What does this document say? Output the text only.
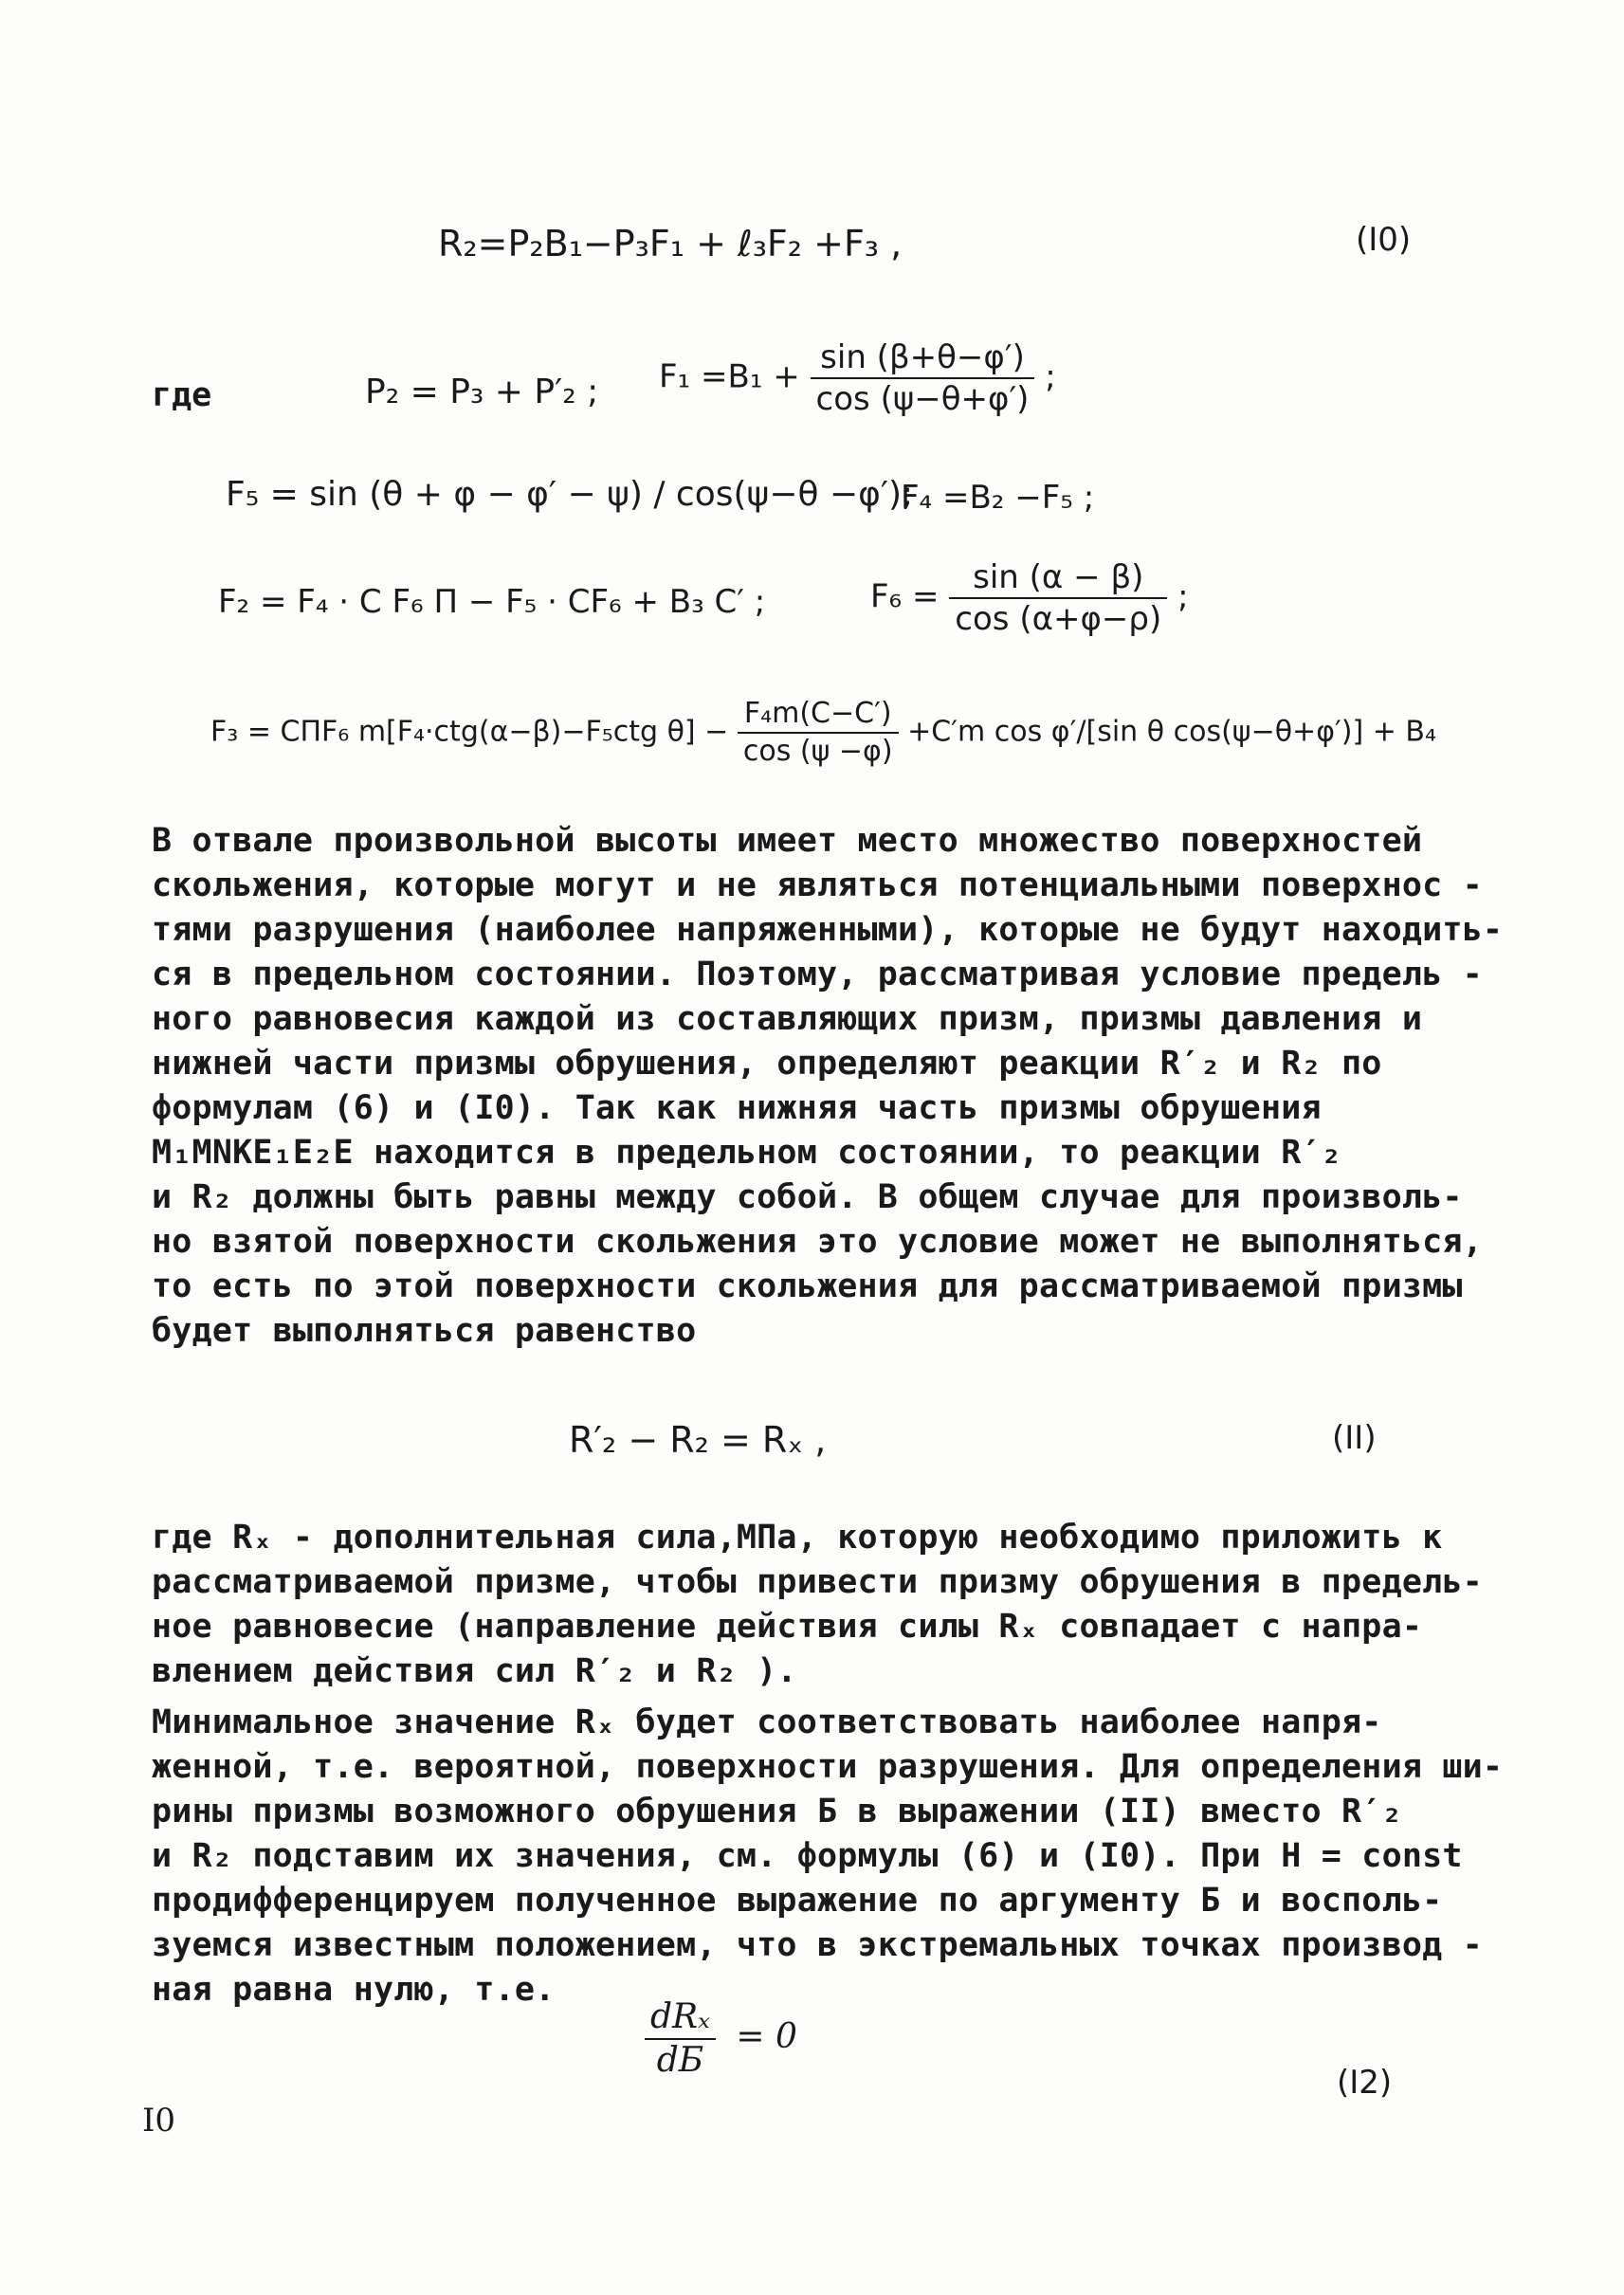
R₂=P₂B₁−P₃F₁ + ℓ₃F₂ +F₃ ,	(I0)
где	P₂ = P₃ + P′₂ ; $F_1 =B_1 + \frac{\sin (\beta+\theta-\varphi')}{\cos (\psi-\theta+\varphi')}$ ;
F₅ = sin (θ + φ − φ′ − ψ) / cos(ψ−θ −φ′);
F₄ =B₂ −F₅ ;
F₂ = F₄ · C F₆ П − F₅ · CF₆ + B₃ C′ ;	$F_6 = \frac{\sin (\alpha - \beta)}{\cos (\alpha+\varphi-\rho)}$ ;
F₃ = CПF₆ m[F₄·ctg(α−β)−F₅ctg $\theta] - \frac{\text{F₄m(C−C′)}}{\cos (\psi -\varphi)} +C'm$ cos φ′/[sin θ cos(ψ−θ+φ′)] + B₄
В отвале произвольной высоты имеет место множество поверхностей
скольжения, которые могут и не являться потенциальными поверхнос -
тями разрушения (наиболее напряженными), которые не будут находить-
ся в предельном состоянии. Поэтому, рассматривая условие предель -
ного равновесия каждой из составляющих призм, призмы давления и
нижней части призмы обрушения, определяют реакции R′₂ и R₂ по
формулам (6) и (I0). Так как нижняя часть призмы обрушения
M₁MNKE₁E₂E находится в предельном состоянии, то реакции R′₂
и R₂ должны быть равны между собой. В общем случае для произволь-
но взятой поверхности скольжения это условие может не выполняться,
то есть по этой поверхности скольжения для рассматриваемой призмы
будет выполняться равенство
R′₂ − R₂ = Rₓ ,	(II)
где Rₓ - дополнительная сила,МПа, которую необходимо приложить к
рассматриваемой призме, чтобы привести призму обрушения в предель-
ное равновесие (направление действия силы Rₓ совпадает с напра-
влением действия сил R′₂ и R₂ ).
Минимальное значение Rₓ будет соответствовать наиболее напря-
женной, т.е. вероятной, поверхности разрушения. Для определения ши-
рины призмы возможного обрушения Б в выражении (II) вместо R′₂
и R₂ подставим их значения, см. формулы (6) и (I0). При H = const
продифференцируем полученное выражение по аргументу Б и восполь-
зуемся известным положением, что в экстремальных точках производ -
ная равна нулю, т.е.
$\frac{\text{dRₓ}}{dБ} = 0$
(I2)
I0
